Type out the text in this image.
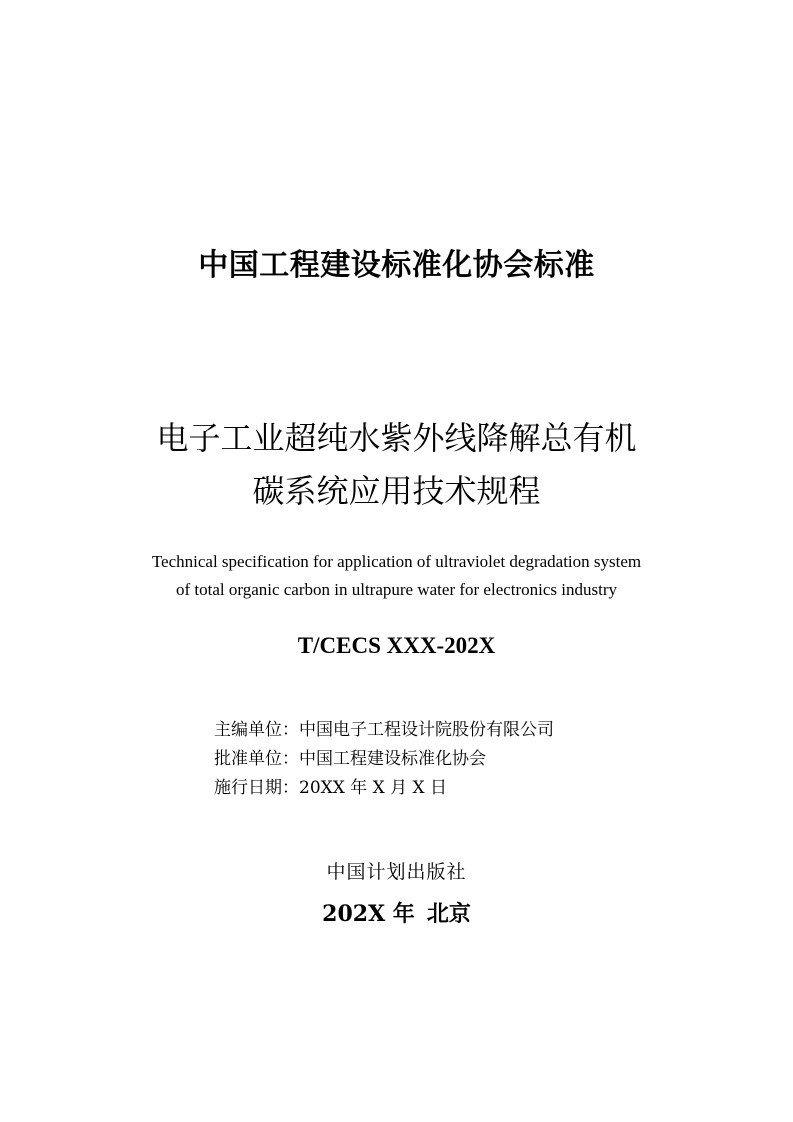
中国工程建设标准化协会标准
电子工业超纯水紫外线降解总有机
碳系统应用技术规程
Technical specification for application of ultraviolet degradation system
of total organic carbon in ultrapure water for electronics industry
T/CECS XXX-202X
主编单位：中国电子工程设计院股份有限公司
批准单位：中国工程建设标准化协会
施行日期：20XX 年 X 月 X 日
中国计划出版社
202X 年 北京
